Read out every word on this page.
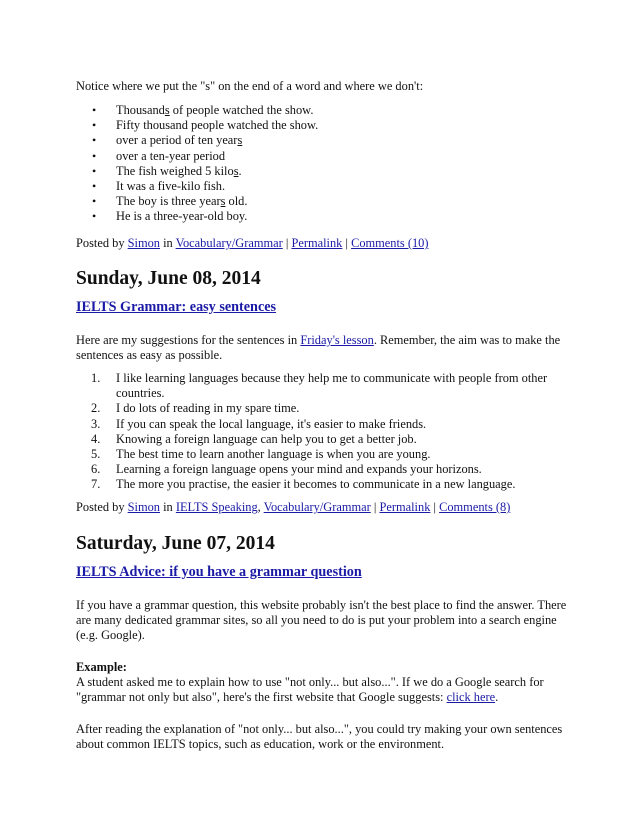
Notice where we put the "s" on the end of a word and where we don't:

• Thousands of people watched the show.
• Fifty thousand people watched the show.
• over a period of ten years
• over a ten-year period
• The fish weighed 5 kilos.
• It was a five-kilo fish.
• The boy is three years old.
• He is a three-year-old boy.

Posted by Simon in Vocabulary/Grammar | Permalink | Comments (10)

Sunday, June 08, 2014
IELTS Grammar: easy sentences

Here are my suggestions for the sentences in Friday's lesson. Remember, the aim was to make the sentences as easy as possible.

1. I like learning languages because they help me to communicate with people from other countries.
2. I do lots of reading in my spare time.
3. If you can speak the local language, it's easier to make friends.
4. Knowing a foreign language can help you to get a better job.
5. The best time to learn another language is when you are young.
6. Learning a foreign language opens your mind and expands your horizons.
7. The more you practise, the easier it becomes to communicate in a new language.

Posted by Simon in IELTS Speaking, Vocabulary/Grammar | Permalink | Comments (8)

Saturday, June 07, 2014
IELTS Advice: if you have a grammar question

If you have a grammar question, this website probably isn't the best place to find the answer. There are many dedicated grammar sites, so all you need to do is put your problem into a search engine (e.g. Google).

Example:
A student asked me to explain how to use "not only... but also...". If we do a Google search for "grammar not only but also", here's the first website that Google suggests: click here.

After reading the explanation of "not only... but also...", you could try making your own sentences about common IELTS topics, such as education, work or the environment.
